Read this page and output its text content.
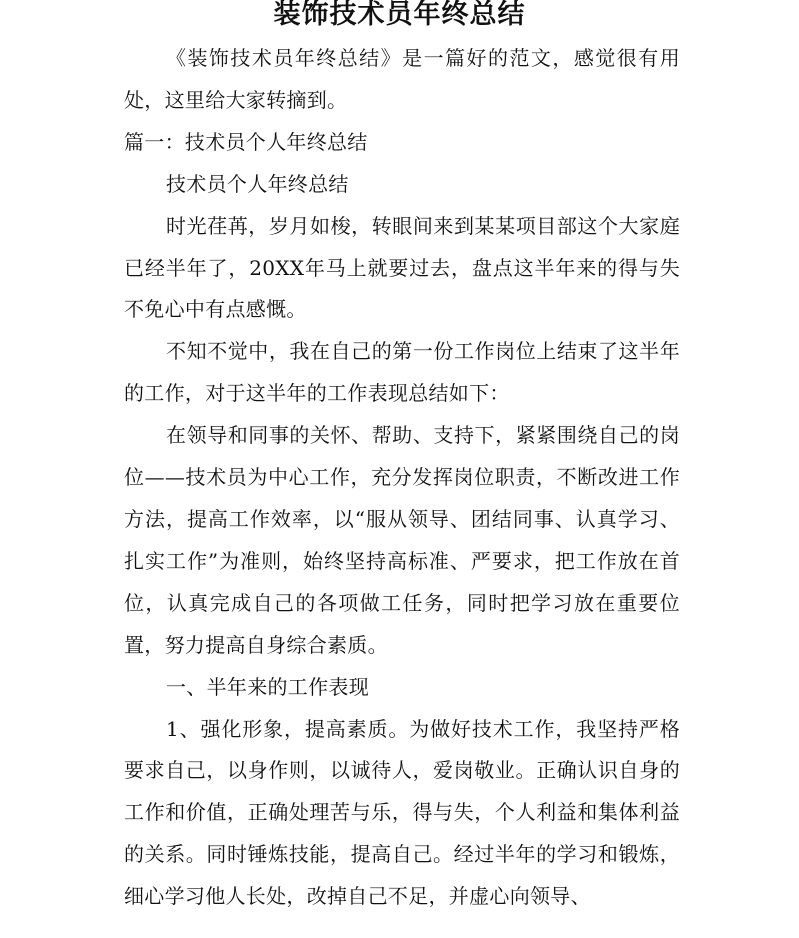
装饰技术员年终总结

《装饰技术员年终总结》是一篇好的范文，感觉很有用处，这里给大家转摘到。

篇一：技术员个人年终总结

技术员个人年终总结

时光荏苒，岁月如梭，转眼间来到某某项目部这个大家庭已经半年了，20XX年马上就要过去，盘点这半年来的得与失不免心中有点感慨。

不知不觉中，我在自己的第一份工作岗位上结束了这半年的工作，对于这半年的工作表现总结如下：

在领导和同事的关怀、帮助、支持下，紧紧围绕自己的岗位——技术员为中心工作，充分发挥岗位职责，不断改进工作方法，提高工作效率，以“服从领导、团结同事、认真学习、扎实工作”为准则，始终坚持高标准、严要求，把工作放在首位，认真完成自己的各项做工任务，同时把学习放在重要位置，努力提高自身综合素质。

一、半年来的工作表现

1、强化形象，提高素质。为做好技术工作，我坚持严格要求自己，以身作则，以诚待人，爱岗敬业。正确认识自身的工作和价值，正确处理苦与乐，得与失，个人利益和集体利益的关系。同时锤炼技能，提高自己。经过半年的学习和锻炼，细心学习他人长处，改掉自己不足，并虚心向领导、
